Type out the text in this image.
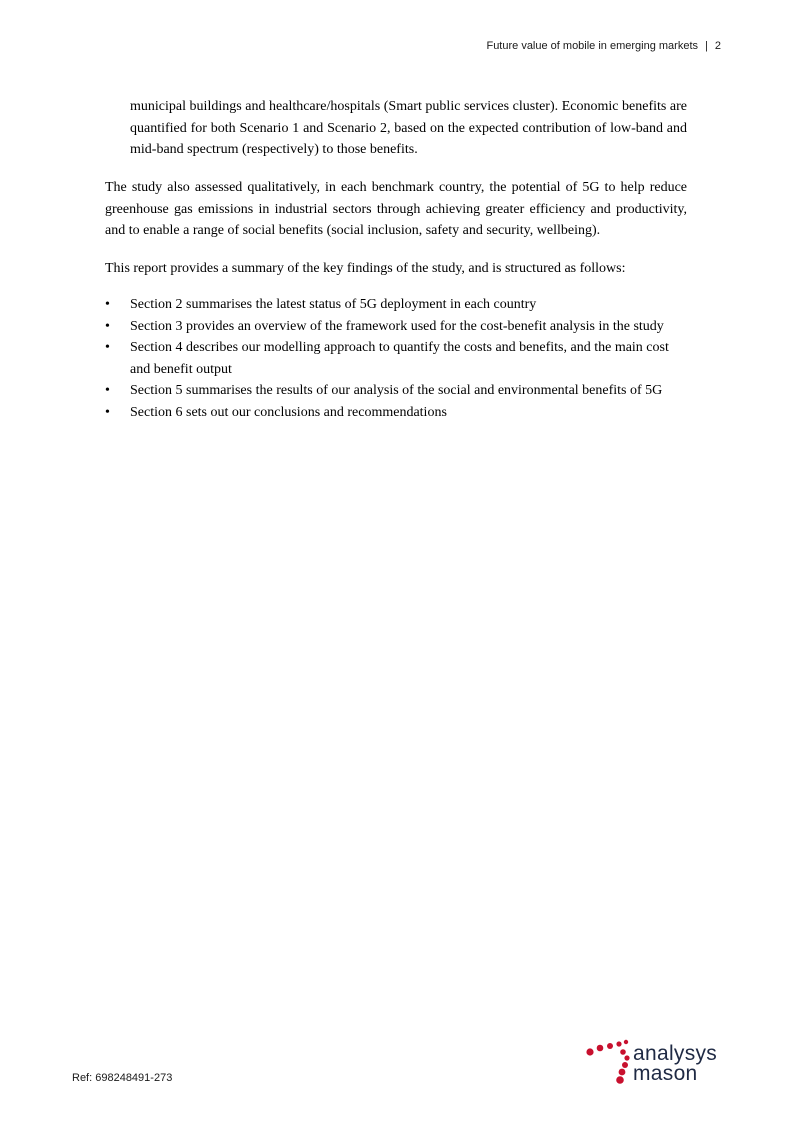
Future value of mobile in emerging markets | 2
municipal buildings and healthcare/hospitals (Smart public services cluster). Economic benefits are quantified for both Scenario 1 and Scenario 2, based on the expected contribution of low-band and mid-band spectrum (respectively) to those benefits.
The study also assessed qualitatively, in each benchmark country, the potential of 5G to help reduce greenhouse gas emissions in industrial sectors through achieving greater efficiency and productivity, and to enable a range of social benefits (social inclusion, safety and security, wellbeing).
This report provides a summary of the key findings of the study, and is structured as follows:
• Section 2 summarises the latest status of 5G deployment in each country
• Section 3 provides an overview of the framework used for the cost-benefit analysis in the study
• Section 4 describes our modelling approach to quantify the costs and benefits, and the main cost and benefit output
• Section 5 summarises the results of our analysis of the social and environmental benefits of 5G
• Section 6 sets out our conclusions and recommendations
Ref: 698248491-273
analysys
mason
